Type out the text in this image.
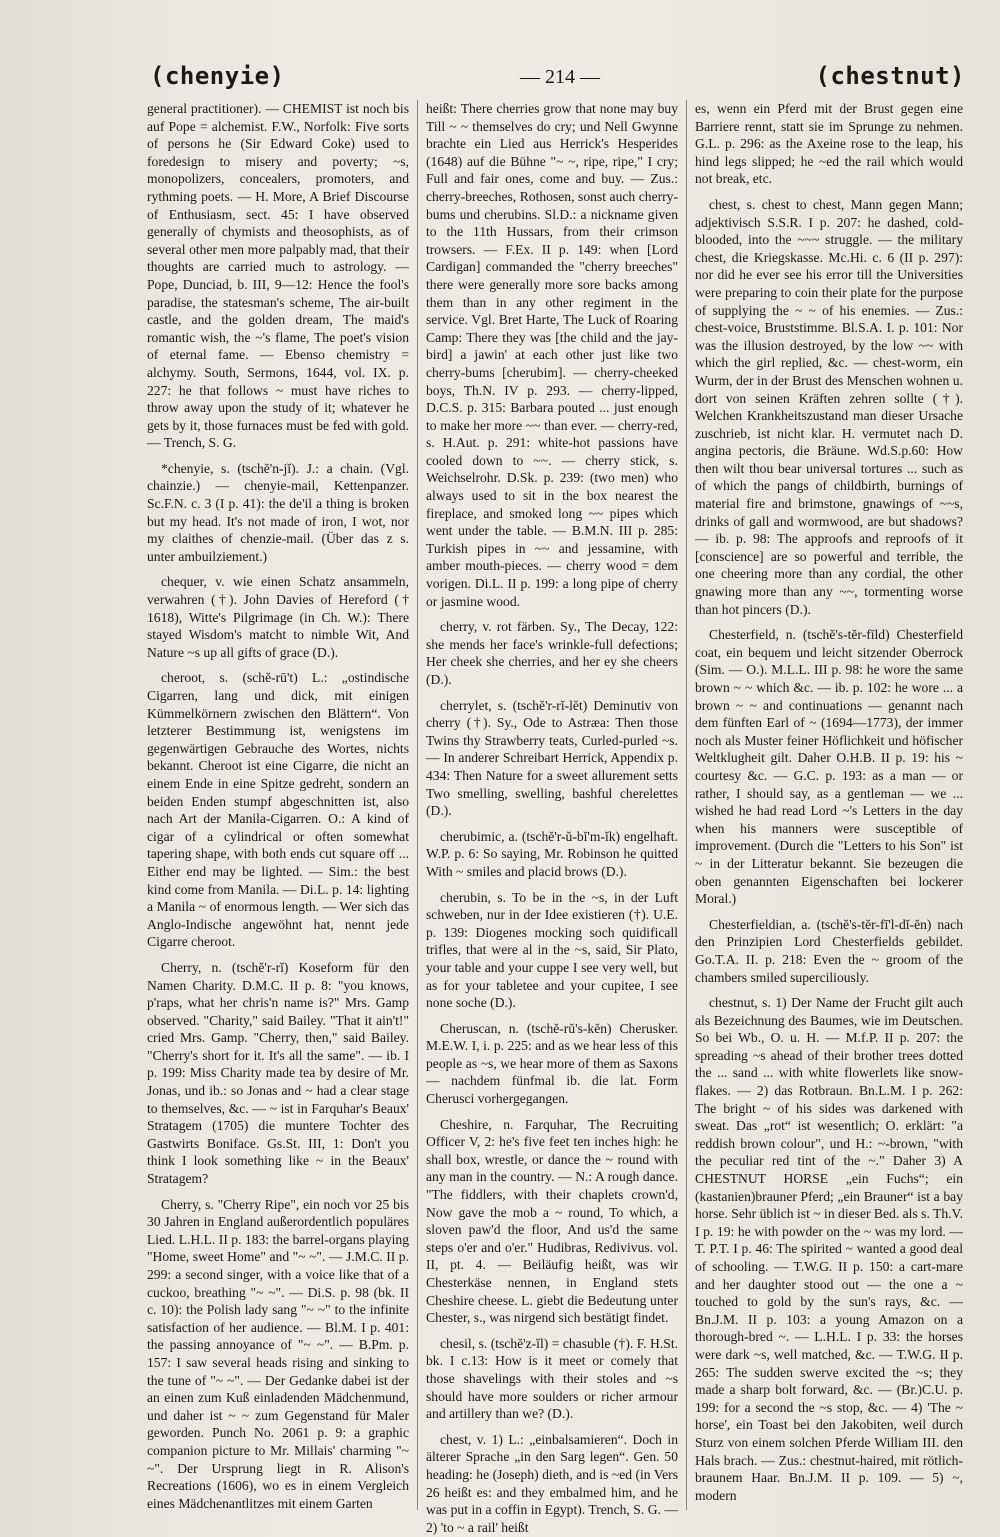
(chenyie)	— 214 —	(chestnut)

general practitioner). — CHEMIST ist noch bis auf Pope = alchemist. F.W., Norfolk: Five sorts of persons he (Sir Edward Coke) used to foredesign to misery and poverty; ~s, monopolizers, concealers, promoters, and rythming poets. — H. More, A Brief Discourse of Enthusiasm, sect. 45: I have observed generally of chymists and theosophists, as of several other men more palpably mad, that their thoughts are carried much to astrology. — Pope, Dunciad, b. III, 9—12: Hence the fool's paradise, the statesman's scheme, The air-built castle, and the golden dream, The maid's romantic wish, the ~'s flame, The poet's vision of eternal fame. — Ebenso chemistry = alchymy. South, Sermons, 1644, vol. IX. p. 227: he that follows ~ must have riches to throw away upon the study of it; whatever he gets by it, those furnaces must be fed with gold. — Trench, S. G.

*chenyie, s. (tschĕ'n-jĭ). J.: a chain. (Vgl. chainzie.) — chenyie-mail, Kettenpanzer. Sc.F.N. c. 3 (I p. 41): the de'il a thing is broken but my head. It's not made of iron, I wot, nor my claithes of chenzie-mail. (Über das z s. unter ambuilziement.)

chequer, v. wie einen Schatz ansammeln, verwahren (†). John Davies of Hereford († 1618), Witte's Pilgrimage (in Ch. W.): There stayed Wisdom's matcht to nimble Wit, And Nature ~s up all gifts of grace (D.).

cheroot, s. (schĕ-rū't) L.: „ostindische Cigarren, lang und dick, mit einigen Kümmelkörnern zwischen den Blättern“. Von letzterer Bestimmung ist, wenigstens im gegenwärtigen Gebrauche des Wortes, nichts bekannt. Cheroot ist eine Cigarre, die nicht an einem Ende in eine Spitze gedreht, sondern an beiden Enden stumpf abgeschnitten ist, also nach Art der Manila-Cigarren. O.: A kind of cigar of a cylindrical or often somewhat tapering shape, with both ends cut square off ... Either end may be lighted. — Sim.: the best kind come from Manila. — Di.L. p. 14: lighting a Manila ~ of enormous length. — Wer sich das Anglo-Indische angewöhnt hat, nennt jede Cigarre cheroot.

Cherry, n. (tschĕ'r-rĭ) Koseform für den Namen Charity. D.M.C. II p. 8: "you knows, p'raps, what her chris'n name is?" Mrs. Gamp observed. "Charity," said Bailey. "That it ain't!" cried Mrs. Gamp. "Cherry, then," said Bailey. "Cherry's short for it. It's all the same". — ib. I p. 199: Miss Charity made tea by desire of Mr. Jonas, und ib.: so Jonas and ~ had a clear stage to themselves, &c. — ~ ist in Farquhar's Beaux' Stratagem (1705) die muntere Tochter des Gastwirts Boniface. Gs.St. III, 1: Don't you think I look something like ~ in the Beaux' Stratagem?

Cherry, s. "Cherry Ripe", ein noch vor 25 bis 30 Jahren in England außerordentlich populäres Lied. L.H.L. II p. 183: the barrel-organs playing "Home, sweet Home" and "~ ~". — J.M.C. II p. 299: a second singer, with a voice like that of a cuckoo, breathing "~ ~". — Di.S. p. 98 (bk. II c. 10): the Polish lady sang "~ ~" to the infinite satisfaction of her audience. — Bl.M. I p. 401: the passing annoyance of "~ ~". — B.Pm. p. 157: I saw several heads rising and sinking to the tune of "~ ~". — Der Gedanke dabei ist der an einen zum Kuß einladenden Mädchenmund, und daher ist ~ ~ zum Gegenstand für Maler geworden. Punch No. 2061 p. 9: a graphic companion picture to Mr. Millais' charming "~ ~". Der Ursprung liegt in R. Alison's Recreations (1606), wo es in einem Vergleich eines Mädchenantlitzes mit einem Garten

heißt: There cherries grow that none may buy Till ~ ~ themselves do cry; und Nell Gwynne brachte ein Lied aus Herrick's Hesperides (1648) auf die Bühne "~ ~, ripe, ripe," I cry; Full and fair ones, come and buy. — Zus.: cherry-breeches, Rothosen, sonst auch cherry-bums und cherubins. Sl.D.: a nickname given to the 11th Hussars, from their crimson trowsers. — F.Ex. II p. 149: when [Lord Cardigan] commanded the "cherry breeches" there were generally more sore backs among them than in any other regiment in the service. Vgl. Bret Harte, The Luck of Roaring Camp: There they was [the child and the jay-bird] a jawin' at each other just like two cherry-bums [cherubim]. — cherry-cheeked boys, Th.N. IV p. 293. — cherry-lipped, D.C.S. p. 315: Barbara pouted ... just enough to make her more ~~ than ever. — cherry-red, s. H.Aut. p. 291: white-hot passions have cooled down to ~~. — cherry stick, s. Weichselrohr. D.Sk. p. 239: (two men) who always used to sit in the box nearest the fireplace, and smoked long ~~ pipes which went under the table. — B.M.N. III p. 285: Turkish pipes in ~~ and jessamine, with amber mouth-pieces. — cherry wood = dem vorigen. Di.L. II p. 199: a long pipe of cherry or jasmine wood.

cherry, v. rot färben. Sy., The Decay, 122: she mends her face's wrinkle-full defections; Her cheek she cherries, and her ey she cheers (D.).

cherrylet, s. (tschĕ'r-rĭ-lĕt) Deminutiv von cherry (†). Sy., Ode to Astræa: Then those Twins thy Strawberry teats, Curled-purled ~s. — In anderer Schreibart Herrick, Appendix p. 434: Then Nature for a sweet allurement setts Two smelling, swelling, bashful cherelettes (D.).

cherubimic, a. (tschĕ'r-ŭ-bĭ'm-ĭk) engelhaft. W.P. p. 6: So saying, Mr. Robinson he quitted With ~ smiles and placid brows (D.).

cherubin, s. To be in the ~s, in der Luft schweben, nur in der Idee existieren (†). U.E. p. 139: Diogenes mocking soch quidificall trifles, that were al in the ~s, said, Sir Plato, your table and your cuppe I see very well, but as for your tabletee and your cupitee, I see none soche (D.).

Cheruscan, n. (tschĕ-rŭ's-kĕn) Cherusker. M.E.W. I, i. p. 225: and as we hear less of this people as ~s, we hear more of them as Saxons — nachdem fünfmal ib. die lat. Form Cherusci vorhergegangen.

Cheshire, n. Farquhar, The Recruiting Officer V, 2: he's five feet ten inches high: he shall box, wrestle, or dance the ~ round with any man in the country. — N.: A rough dance. "The fiddlers, with their chaplets crown'd, Now gave the mob a ~ round, To which, a sloven paw'd the floor, And us'd the same steps o'er and o'er." Hudibras, Redivivus. vol. II, pt. 4. — Beiläufig heißt, was wir Chesterkäse nennen, in England stets Cheshire cheese. L. giebt die Bedeutung unter Chester, s., was nirgend sich bestätigt findet.

chesil, s. (tschĕ'z-ĭl) = chasuble (†). F. H.St. bk. I c.13: How is it meet or comely that those shavelings with their stoles and ~s should have more soulders or richer armour and artillery than we? (D.).

chest, v. 1) L.: „einbalsamieren“. Doch in älterer Sprache „in den Sarg legen“. Gen. 50 heading: he (Joseph) dieth, and is ~ed (in Vers 26 heißt es: and they embalmed him, and he was put in a coffin in Egypt). Trench, S. G. — 2) 'to ~ a rail' heißt

es, wenn ein Pferd mit der Brust gegen eine Barriere rennt, statt sie im Sprunge zu nehmen. G.L. p. 296: as the Axeine rose to the leap, his hind legs slipped; he ~ed the rail which would not break, etc.

chest, s. chest to chest, Mann gegen Mann; adjektivisch S.S.R. I p. 207: he dashed, cold-blooded, into the ~~~ struggle. — the military chest, die Kriegskasse. Mc.Hi. c. 6 (II p. 297): nor did he ever see his error till the Universities were preparing to coin their plate for the purpose of supplying the ~ ~ of his enemies. — Zus.: chest-voice, Bruststimme. Bl.S.A. I. p. 101: Nor was the illusion destroyed, by the low ~~ with which the girl replied, &c. — chest-worm, ein Wurm, der in der Brust des Menschen wohnen u. dort von seinen Kräften zehren sollte (†). Welchen Krankheitszustand man dieser Ursache zuschrieb, ist nicht klar. H. vermutet nach D. angina pectoris, die Bräune. Wd.S.p.60: How then wilt thou bear universal tortures ... such as of which the pangs of childbirth, burnings of material fire and brimstone, gnawings of ~~s, drinks of gall and wormwood, are but shadows? — ib. p. 98: The approofs and reproofs of it [conscience] are so powerful and terrible, the one cheering more than any cordial, the other gnawing more than any ~~, tormenting worse than hot pincers (D.).

Chesterfield, n. (tschĕ's-tĕr-fīld) Chesterfield coat, ein bequem und leicht sitzender Oberrock (Sim. — O.). M.L.L. III p. 98: he wore the same brown ~ ~ which &c. — ib. p. 102: he wore ... a brown ~ ~ and continuations — genannt nach dem fünften Earl of ~ (1694—1773), der immer noch als Muster feiner Höflichkeit und höfischer Weltklugheit gilt. Daher O.H.B. II p. 19: his ~ courtesy &c. — G.C. p. 193: as a man — or rather, I should say, as a gentleman — we ... wished he had read Lord ~'s Letters in the day when his manners were susceptible of improvement. (Durch die "Letters to his Son" ist ~ in der Litteratur bekannt. Sie bezeugen die oben genannten Eigenschaften bei lockerer Moral.)

Chesterfieldian, a. (tschĕ's-tĕr-fī'l-dĭ-ĕn) nach den Prinzipien Lord Chesterfields gebildet. Go.T.A. II. p. 218: Even the ~ groom of the chambers smiled superciliously.

chestnut, s. 1) Der Name der Frucht gilt auch als Bezeichnung des Baumes, wie im Deutschen. So bei Wb., O. u. H. — M.f.P. II p. 207: the spreading ~s ahead of their brother trees dotted the ... sand ... with white flowerlets like snow-flakes. — 2) das Rotbraun. Bn.L.M. I p. 262: The bright ~ of his sides was darkened with sweat. Das „rot“ ist wesentlich; O. erklärt: "a reddish brown colour", und H.: ~-brown, "with the peculiar red tint of the ~." Daher 3) A CHESTNUT HORSE „ein Fuchs“; ein (kastanien)brauner Pferd; „ein Brauner“ ist a bay horse. Sehr üblich ist ~ in dieser Bed. als s. Th.V. I p. 19: he with powder on the ~ was my lord. — T. P.T. I p. 46: The spirited ~ wanted a good deal of schooling. — T.W.G. II p. 150: a cart-mare and her daughter stood out — the one a ~ touched to gold by the sun's rays, &c. — Bn.J.M. II p. 103: a young Amazon on a thorough-bred ~. — L.H.L. I p. 33: the horses were dark ~s, well matched, &c. — T.W.G. II p. 265: The sudden swerve excited the ~s; they made a sharp bolt forward, &c. — (Br.)C.U. p. 199: for a second the ~s stop, &c. — 4) 'The ~ horse', ein Toast bei den Jakobiten, weil durch Sturz von einem solchen Pferde William III. den Hals brach. — Zus.: chestnut-haired, mit rötlich-braunem Haar. Bn.J.M. II p. 109. — 5) ~, modern
